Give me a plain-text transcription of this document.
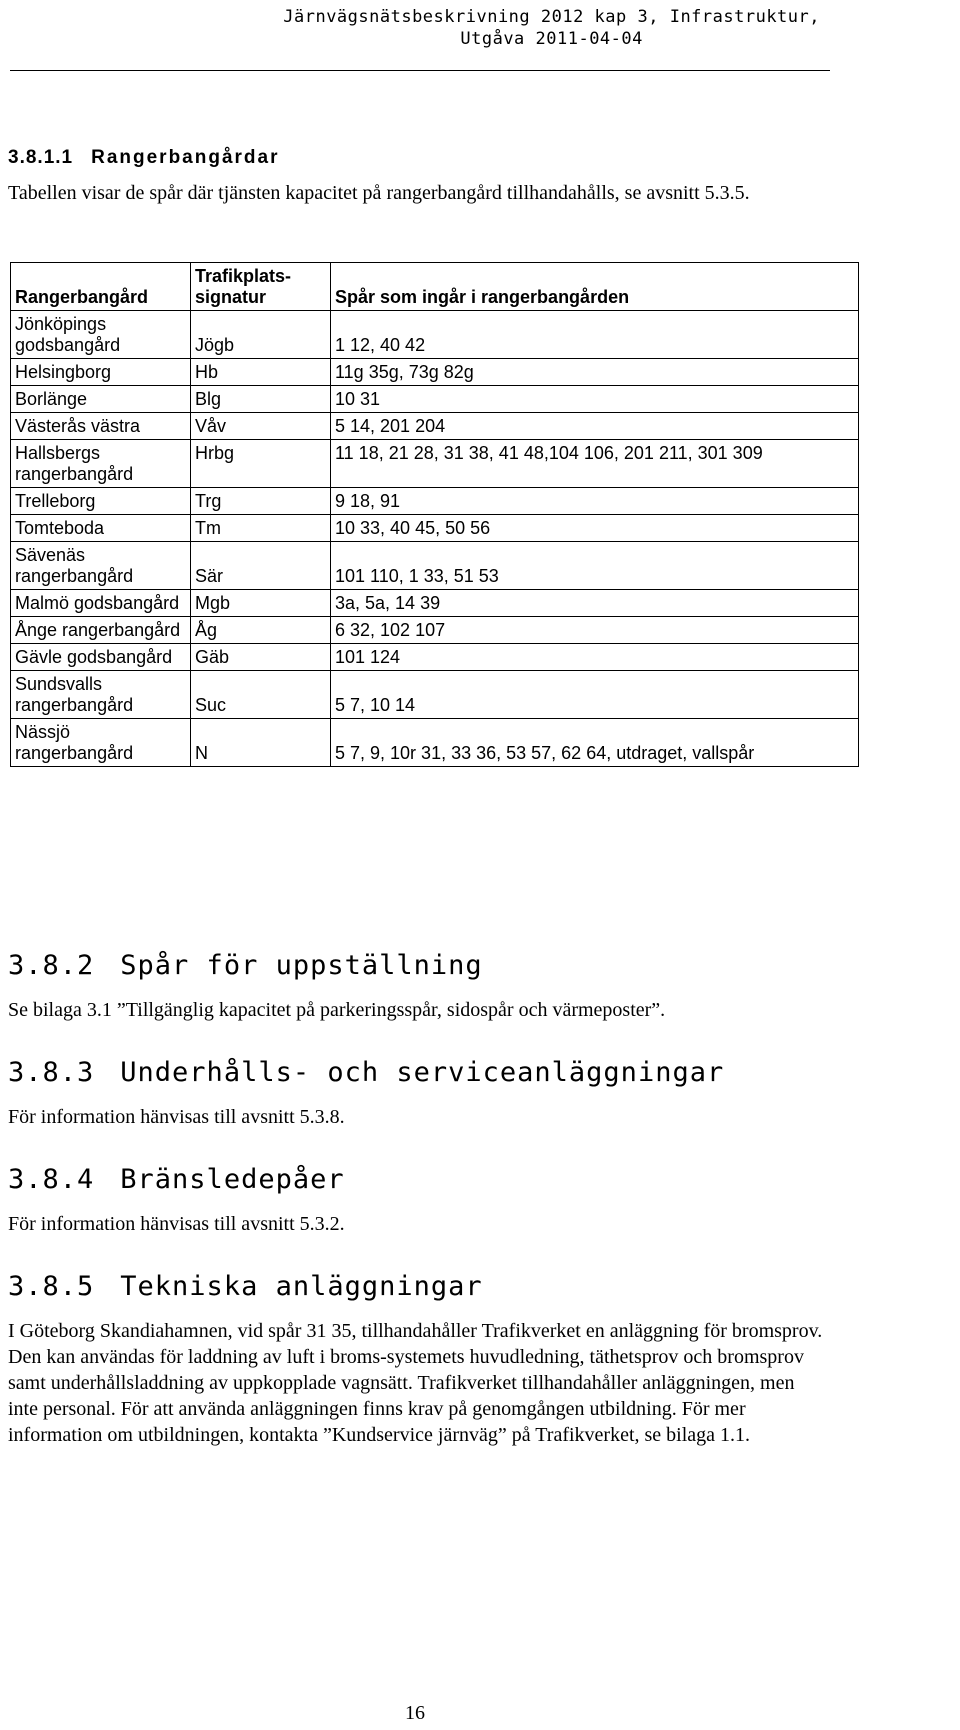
Järnvägsnätsbeskrivning 2012 kap 3, Infrastruktur,
Utgåva 2011-04-04
3.8.1.1 Rangerbangårdar
Tabellen visar de spår där tjänsten kapacitet på rangerbangård tillhandahålls, se avsnitt 5.3.5.
Rangerbangård	Trafikplats-signatur	Spår som ingår i rangerbangården
Jönköpings godsbangård	Jögb	1 12, 40 42
Helsingborg	Hb	11g 35g, 73g 82g
Borlänge	Blg	10 31
Västerås västra	Våv	5 14, 201 204
Hallsbergs rangerbangård	Hrbg	11 18, 21 28, 31 38, 41 48,104 106, 201 211, 301 309
Trelleborg	Trg	9 18, 91
Tomteboda	Tm	10 33, 40 45, 50 56
Sävenäs rangerbangård	Sär	101 110, 1 33, 51 53
Malmö godsbangård	Mgb	3a, 5a, 14 39
Ånge rangerbangård	Åg	6 32, 102 107
Gävle godsbangård	Gäb	101 124
Sundsvalls rangerbangård	Suc	5 7, 10 14
Nässjö rangerbangård	N	5 7, 9, 10r 31, 33 36, 53 57, 62 64, utdraget, vallspår
3.8.2 Spår för uppställning
Se bilaga 3.1 ”Tillgänglig kapacitet på parkeringsspår, sidospår och värmeposter”.
3.8.3 Underhålls- och serviceanläggningar
För information hänvisas till avsnitt 5.3.8.
3.8.4 Bränsledepåer
För information hänvisas till avsnitt 5.3.2.
3.8.5 Tekniska anläggningar
I Göteborg Skandiahamnen, vid spår 31 35, tillhandahåller Trafikverket en anläggning för bromsprov. Den kan användas för laddning av luft i broms-systemets huvudledning, täthetsprov och bromsprov samt underhållsladdning av uppkopplade vagnsätt. Trafikverket tillhandahåller anläggningen, men inte personal. För att använda anläggningen finns krav på genomgången utbildning. För mer information om utbildningen, kontakta ”Kundservice järnväg” på Trafikverket, se bilaga 1.1.
16
